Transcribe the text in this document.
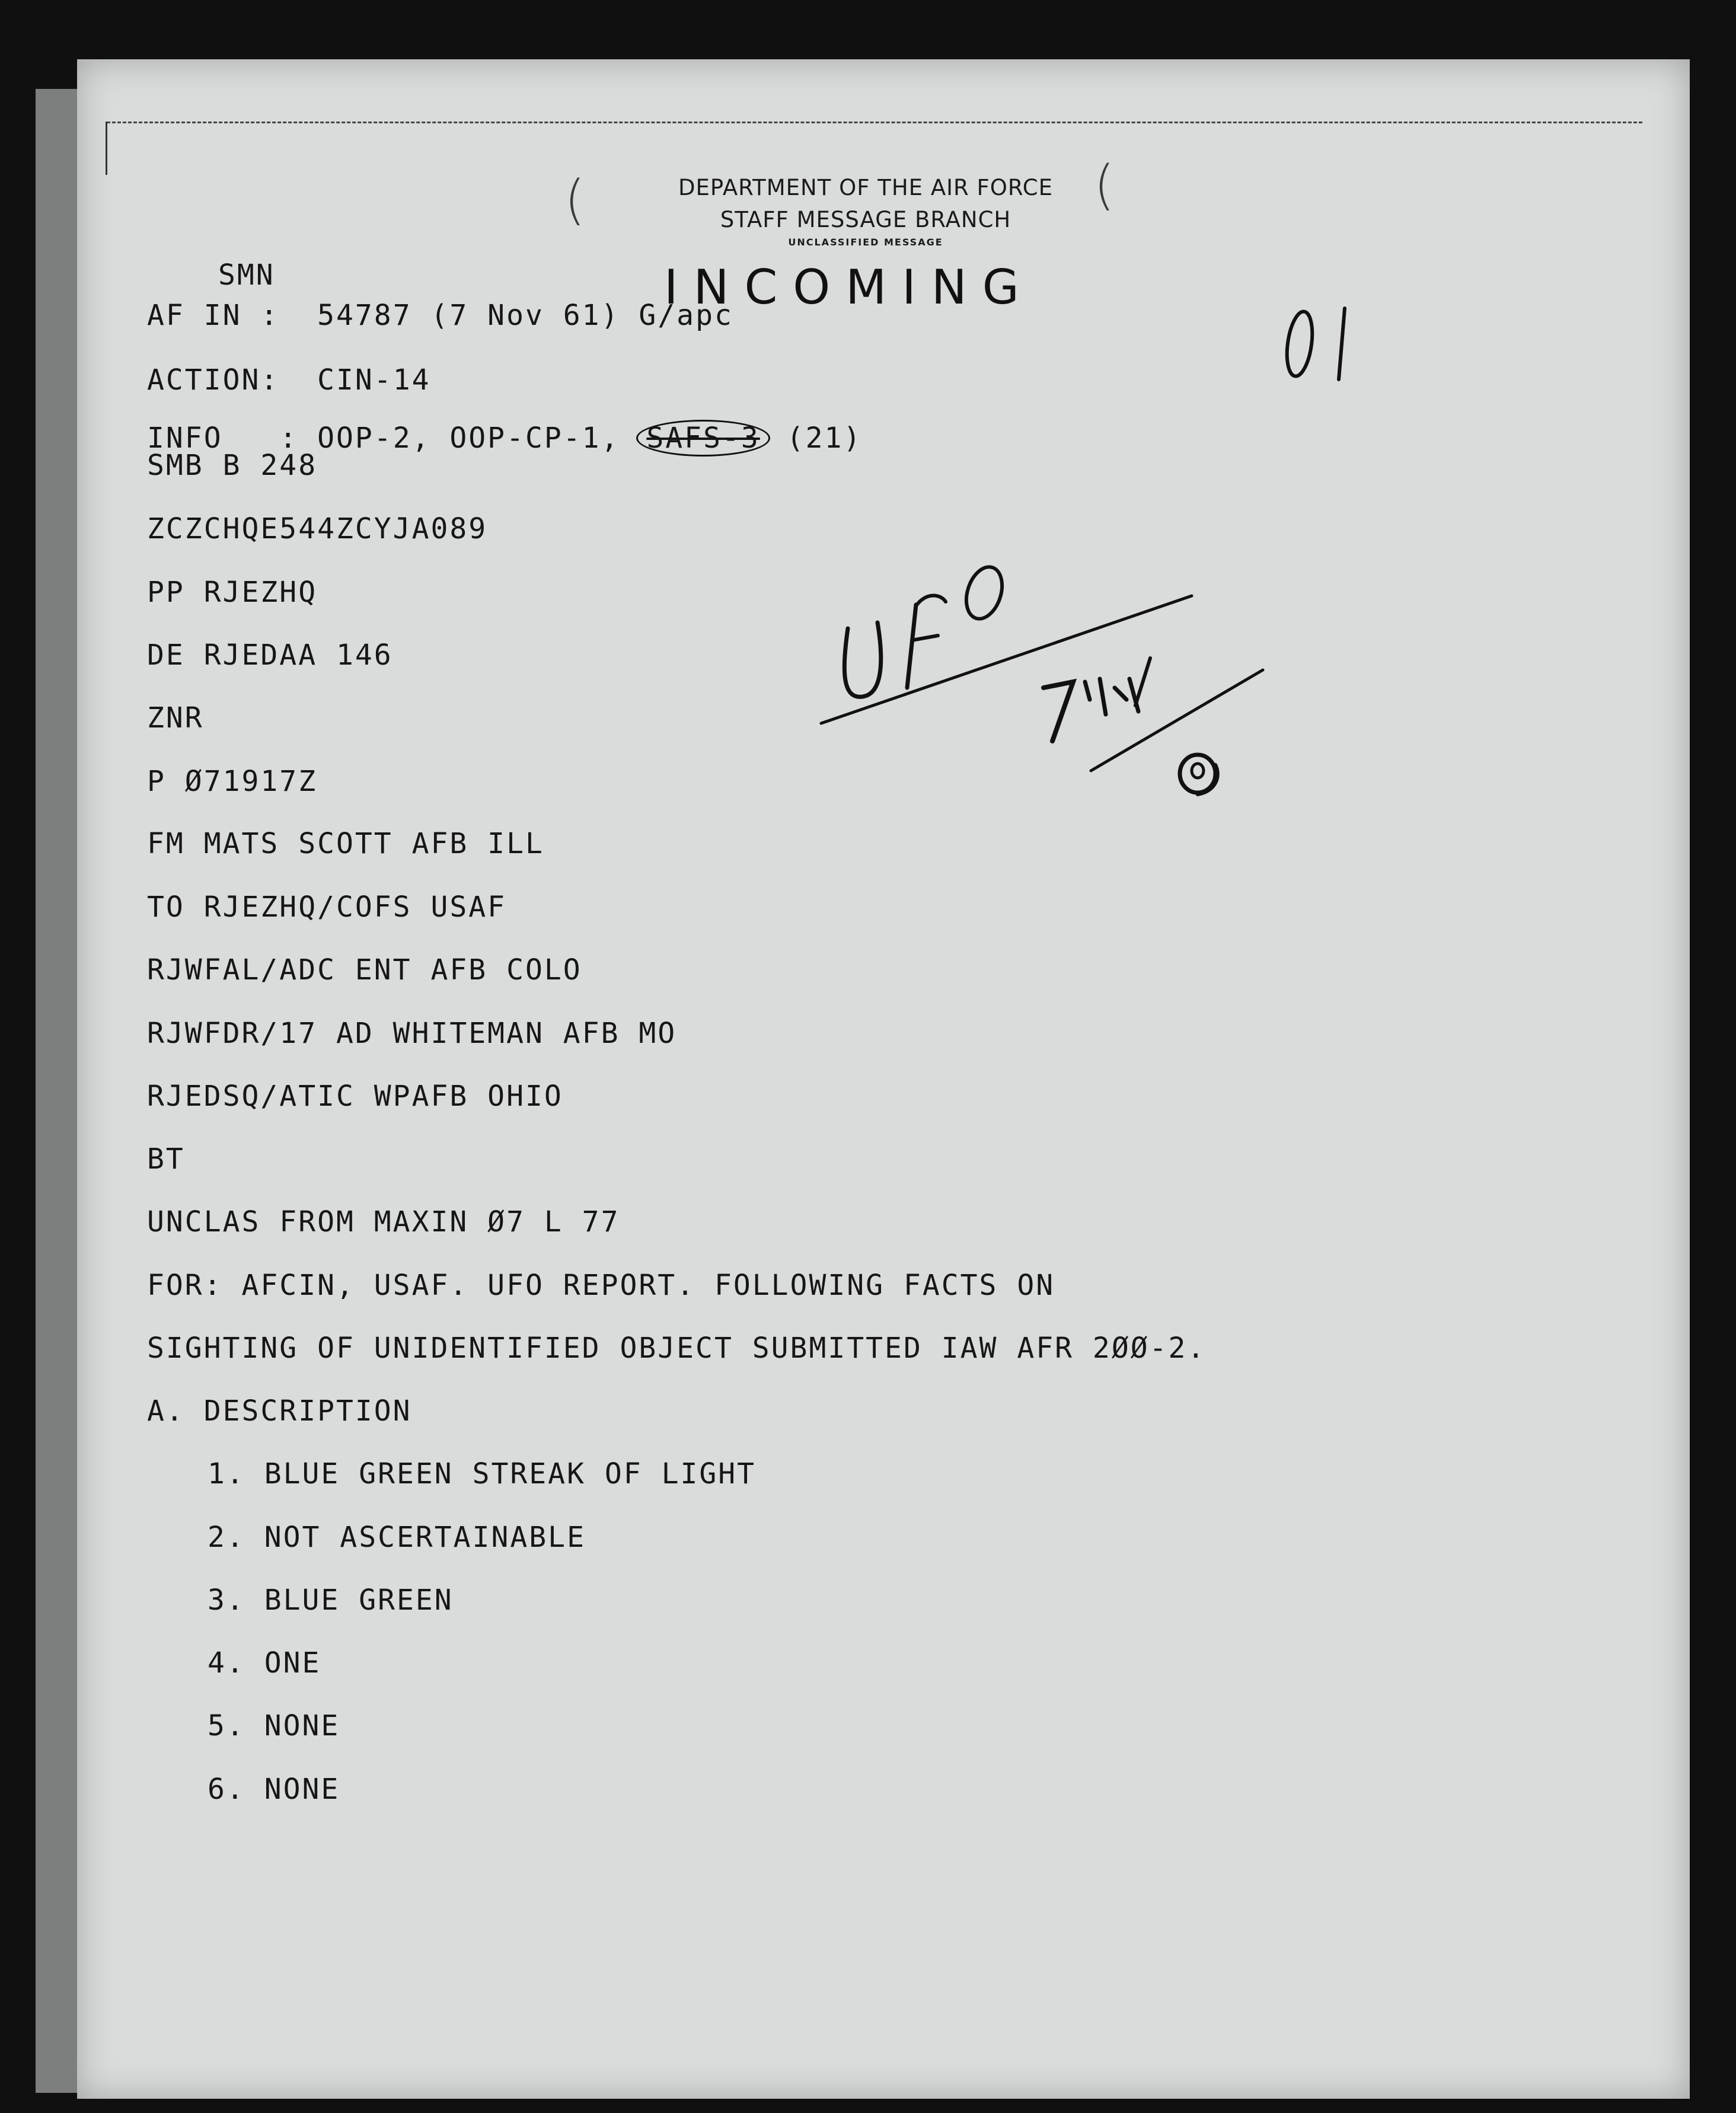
(	(
DEPARTMENT OF THE AIR FORCE
STAFF MESSAGE BRANCH
UNCLASSIFIED MESSAGE
SMN	INCOMING
AF IN : 54787 (7 Nov 61) G/apc
ACTION: CIN-14
INFO   : OOP-2, OOP-CP-1, SAFS-3 (21)
SMB B 248
ZCZCHQE544ZCYJA089
PP RJEZHQ
DE RJEDAA 146
ZNR
P Ø71917Z
FM MATS SCOTT AFB ILL
TO RJEZHQ/COFS USAF
RJWFAL/ADC ENT AFB COLO
RJWFDR/17 AD WHITEMAN AFB MO
RJEDSQ/ATIC WPAFB OHIO
BT
UNCLAS FROM MAXIN Ø7 L 77
FOR: AFCIN, USAF. UFO REPORT. FOLLOWING FACTS ON
SIGHTING OF UNIDENTIFIED OBJECT SUBMITTED IAW AFR 2ØØ-2.
A. DESCRIPTION
1. BLUE GREEN STREAK OF LIGHT
2. NOT ASCERTAINABLE
3. BLUE GREEN
4. ONE
5. NONE
6. NONE
